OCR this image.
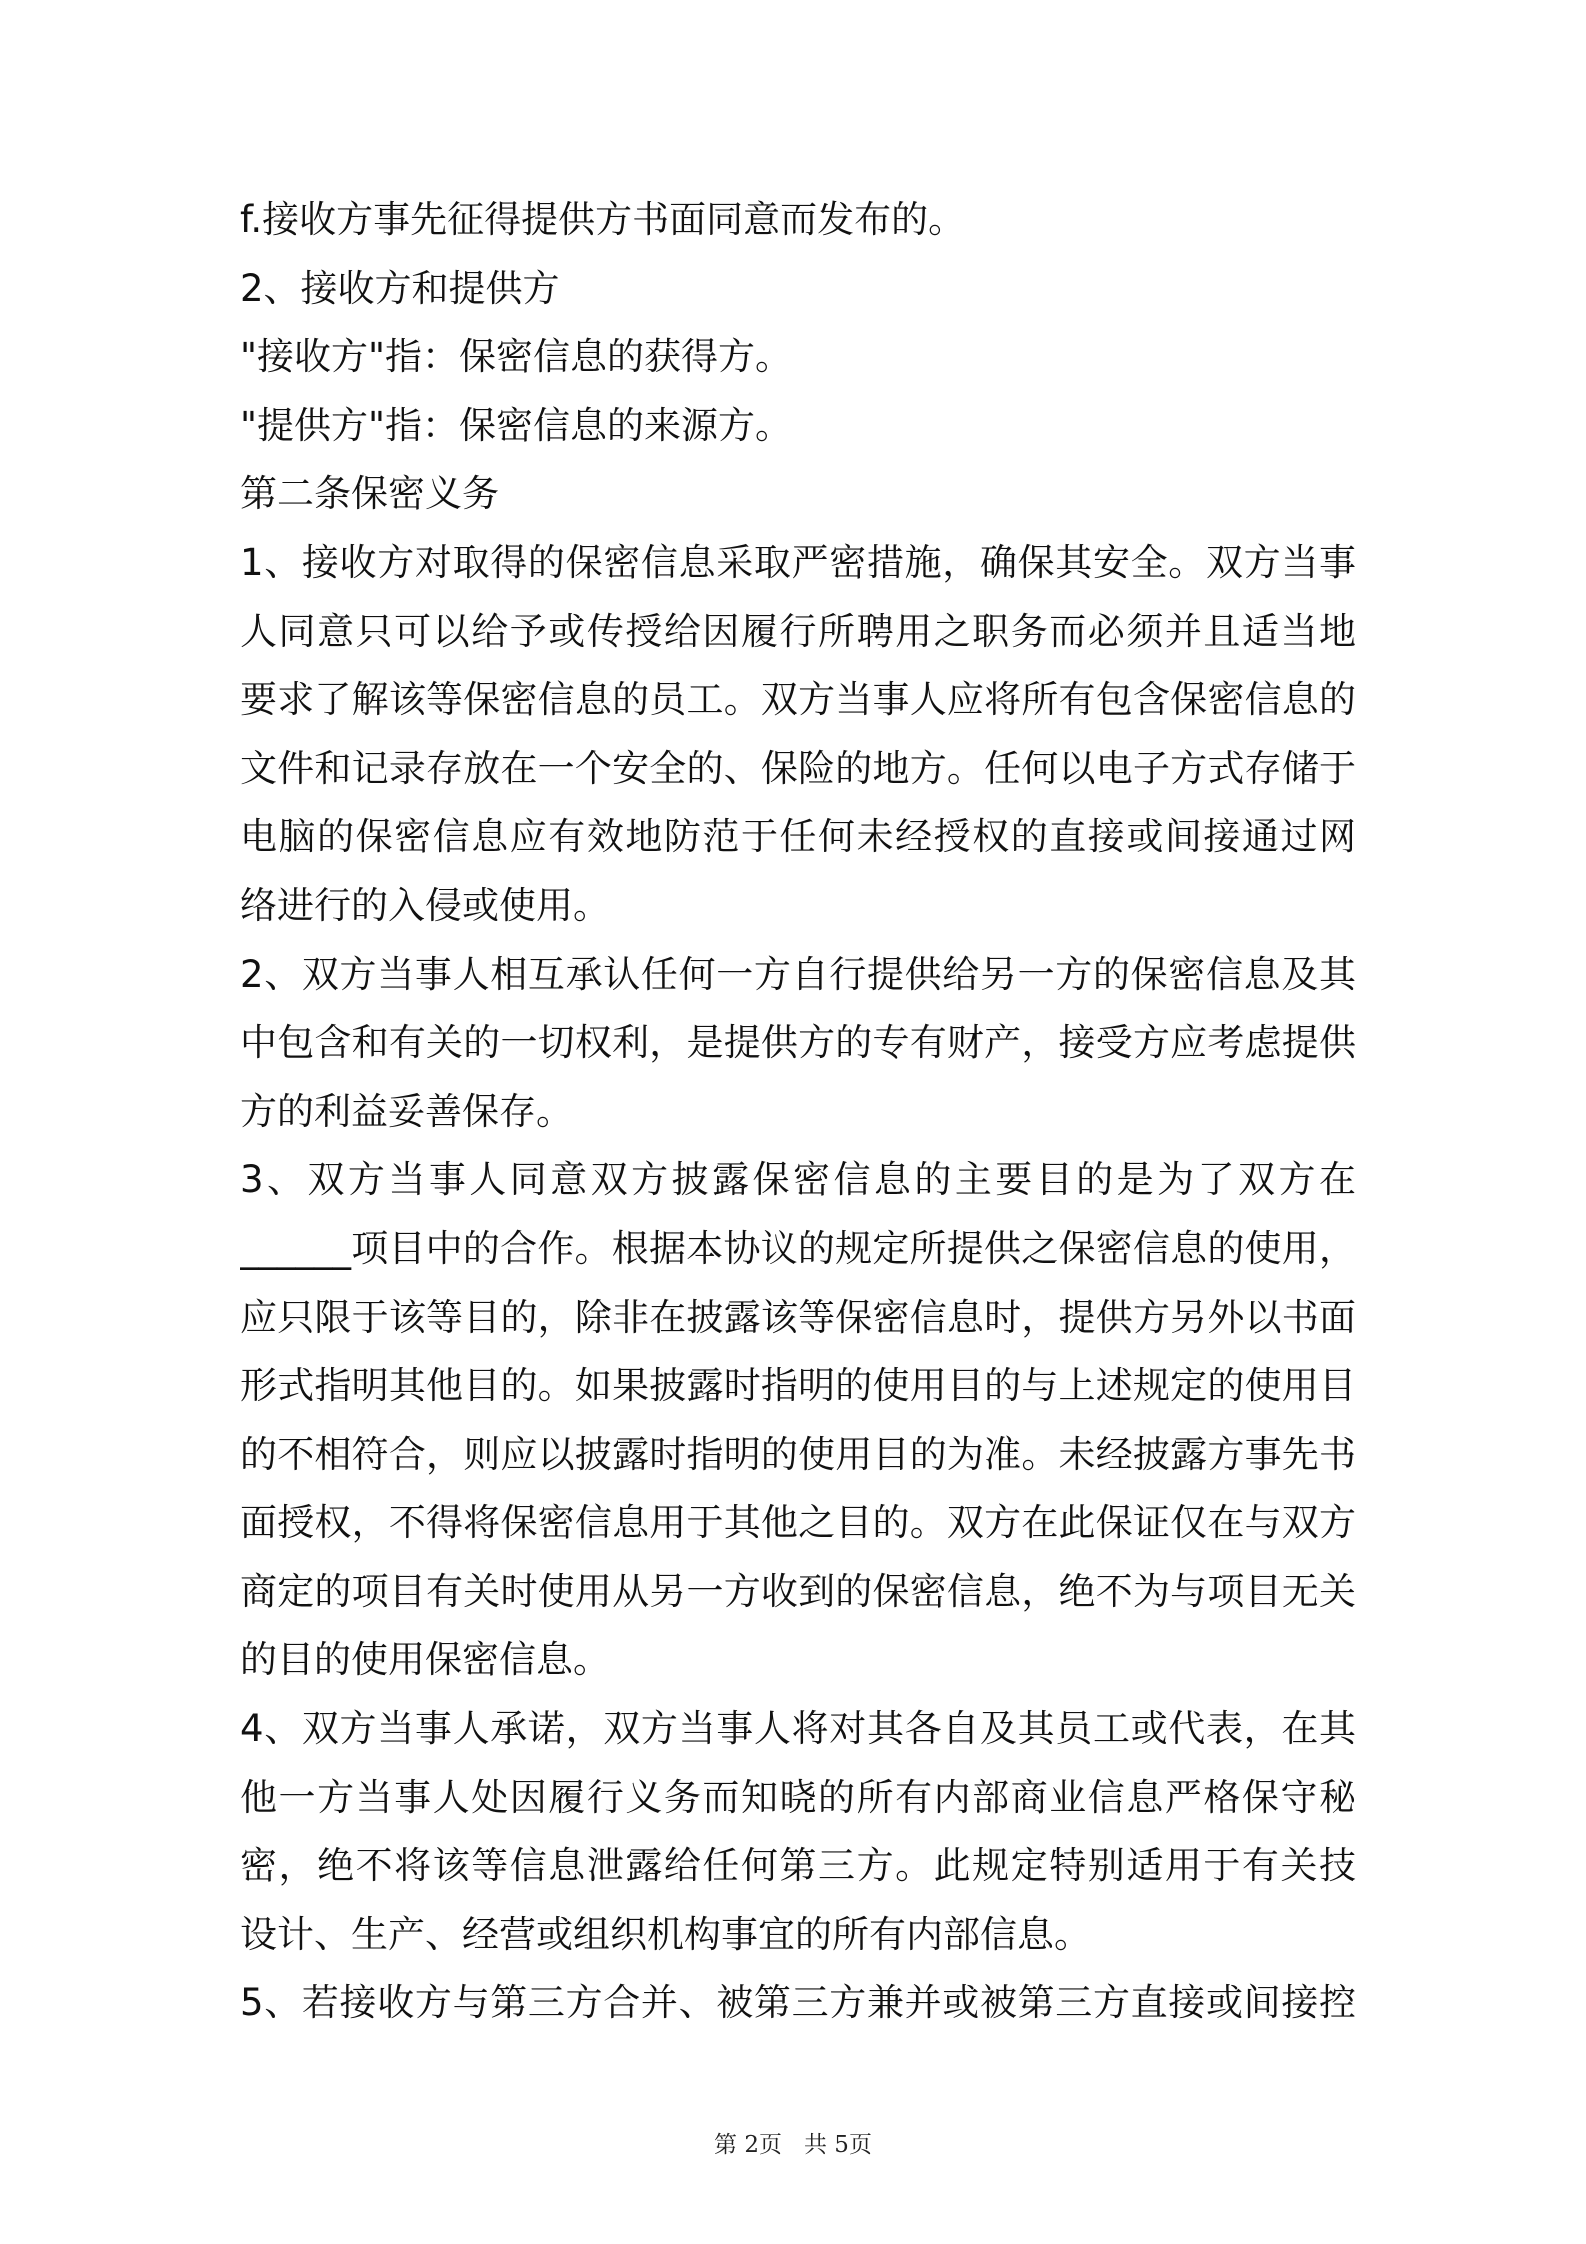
f.接收方事先征得提供方书面同意而发布的。
2、接收方和提供方
"接收方"指：保密信息的获得方。
"提供方"指：保密信息的来源方。
第二条保密义务
1、接收方对取得的保密信息采取严密措施，确保其安全。双方当事
人同意只可以给予或传授给因履行所聘用之职务而必须并且适当地
要求了解该等保密信息的员工。双方当事人应将所有包含保密信息的
文件和记录存放在一个安全的、保险的地方。任何以电子方式存储于
电脑的保密信息应有效地防范于任何未经授权的直接或间接通过网
络进行的入侵或使用。
2、双方当事人相互承认任何一方自行提供给另一方的保密信息及其
中包含和有关的一切权利，是提供方的专有财产，接受方应考虑提供
方的利益妥善保存。
3、双方当事人同意双方披露保密信息的主要目的是为了双方在
______项目中的合作。根据本协议的规定所提供之保密信息的使用，
应只限于该等目的，除非在披露该等保密信息时，提供方另外以书面
形式指明其他目的。如果披露时指明的使用目的与上述规定的使用目
的不相符合，则应以披露时指明的使用目的为准。未经披露方事先书
面授权，不得将保密信息用于其他之目的。双方在此保证仅在与双方
商定的项目有关时使用从另一方收到的保密信息，绝不为与项目无关
的目的使用保密信息。
4、双方当事人承诺，双方当事人将对其各自及其员工或代表，在其
他一方当事人处因履行义务而知晓的所有内部商业信息严格保守秘
密，绝不将该等信息泄露给任何第三方。此规定特别适用于有关技
设计、生产、经营或组织机构事宜的所有内部信息。
5、若接收方与第三方合并、被第三方兼并或被第三方直接或间接控
第 2页 共 5页
